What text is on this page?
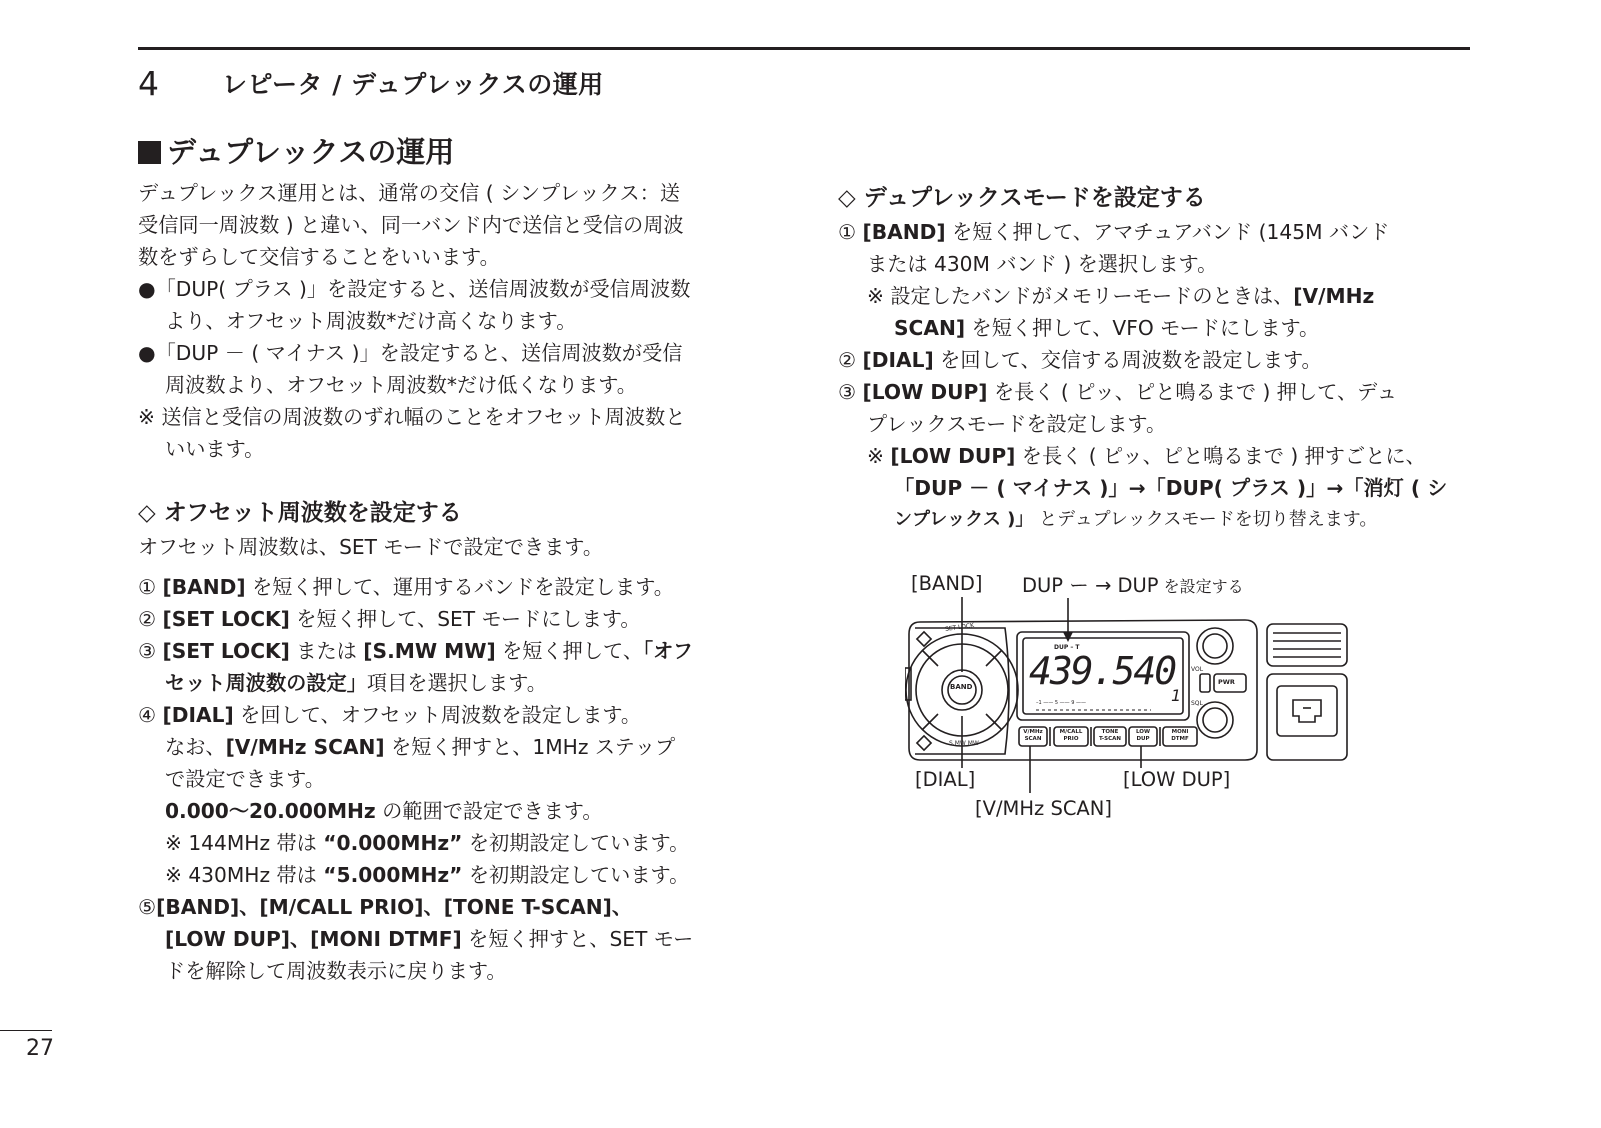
4	レピータ / デュプレックスの運用
デュプレックスの運用
デュプレックス運用とは、通常の交信 ( シンプレックス：送
受信同一周波数 ) と違い、同一バンド内で送信と受信の周波
数をずらして交信することをいいます。
●「DUP( プラス )」を設定すると、送信周波数が受信周波数
より、オフセット周波数*だけ高くなります。
●「DUP － ( マイナス )」を設定すると、送信周波数が受信
周波数より、オフセット周波数*だけ低くなります。
※ 送信と受信の周波数のずれ幅のことをオフセット周波数と
いいます。
◇ オフセット周波数を設定する
オフセット周波数は、SET モードで設定できます。
① [BAND] を短く押して、運用するバンドを設定します。
② [SET LOCK] を短く押して、SET モードにします。
③ [SET LOCK] または [S.MW MW] を短く押して、「オフ
セット周波数の設定」項目を選択します。
④ [DIAL] を回して、オフセット周波数を設定します。
なお、[V/MHz SCAN] を短く押すと、1MHz ステップ
で設定できます。
0.000～20.000MHz の範囲で設定できます。
※ 144MHz 帯は “0.000MHz” を初期設定しています。
※ 430MHz 帯は “5.000MHz” を初期設定しています。
⑤[BAND]、[M/CALL PRIO]、[TONE T-SCAN]、
[LOW DUP]、[MONI DTMF] を短く押すと、SET モー
ドを解除して周波数表示に戻ります。
◇ デュプレックスモードを設定する
① [BAND] を短く押して、アマチュアバンド (145M バンド
または 430M バンド ) を選択します。
※ 設定したバンドがメモリーモードのときは、[V/MHz
SCAN] を短く押して、VFO モードにします。
② [DIAL] を回して、交信する周波数を設定します。
③ [LOW DUP] を長く ( ピッ、ピと鳴るまで ) 押して、デュ
プレックスモードを設定します。
※ [LOW DUP] を長く ( ピッ、ピと鳴るまで ) 押すごとに、
「DUP － ( マイナス )」→「DUP( プラス )」→「消灯 ( シ
ンプレックス )」 とデュプレックスモードを切り替えます。
[BAND] DUP ー → DUP を設定する
BAND
SET LOCK
S.MW MW
DUP – T
439.540
1
–1 —— 5 —— 9 ——
VOL
SQL
PWR
V/MHz
SCAN
M/CALL
PRIO
TONE
T-SCAN
LOW
DUP
MONI
DTMF
[DIAL]	[LOW DUP]
[V/MHz SCAN]
27
